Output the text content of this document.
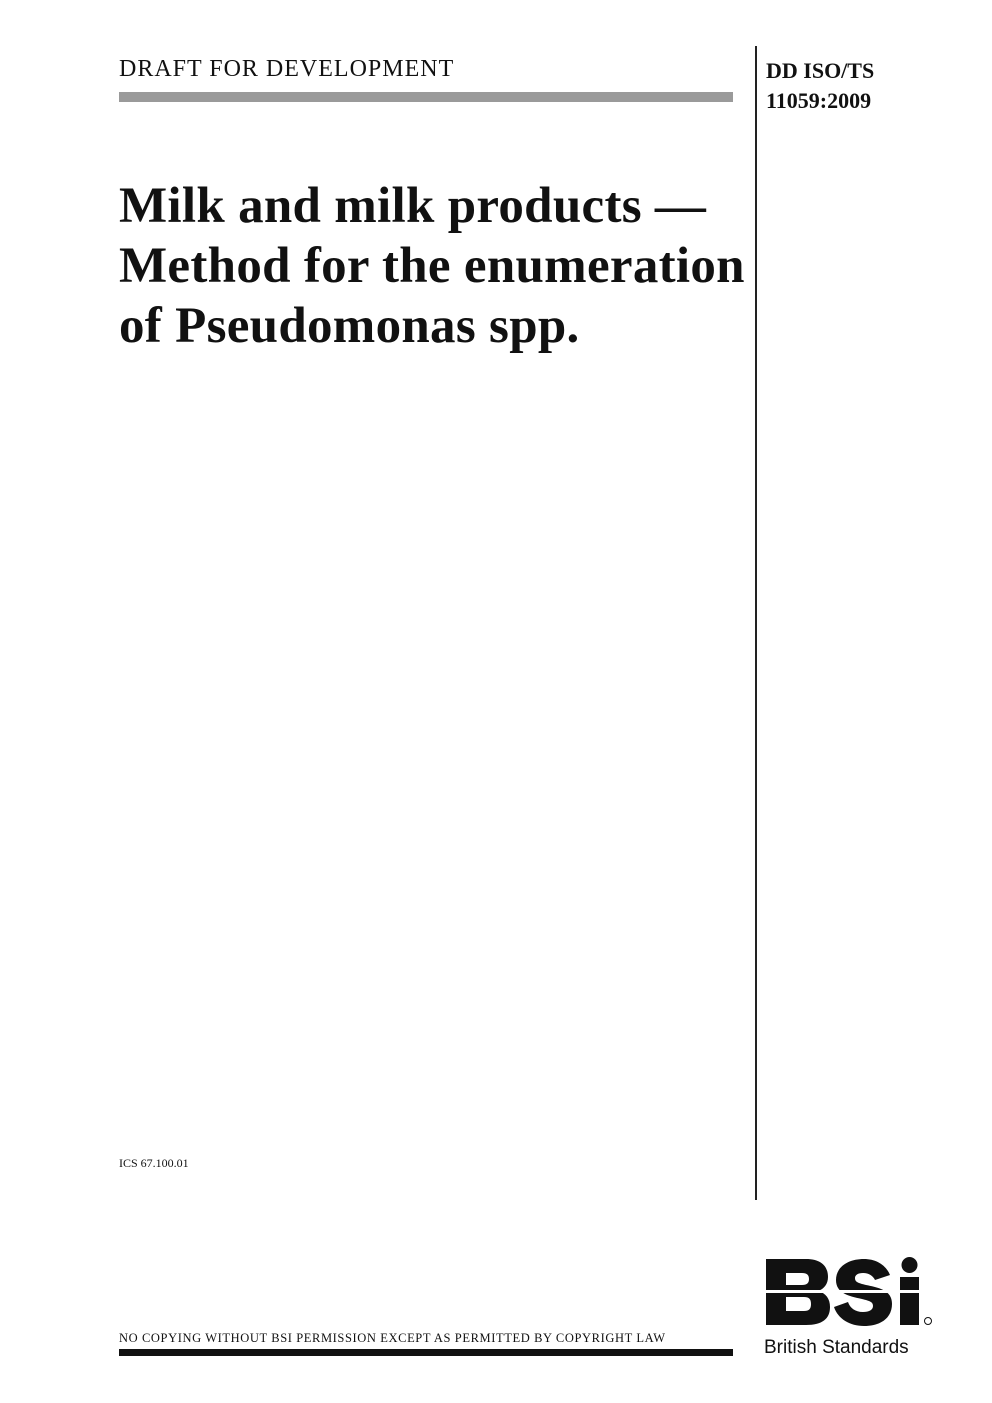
DRAFT FOR DEVELOPMENT	DD ISO/TS
11059:2009
Milk and milk products — Method for the enumeration of Pseudomonas spp.
ICS 67.100.01
NO COPYING WITHOUT BSI PERMISSION EXCEPT AS PERMITTED BY COPYRIGHT LAW	British Standards
